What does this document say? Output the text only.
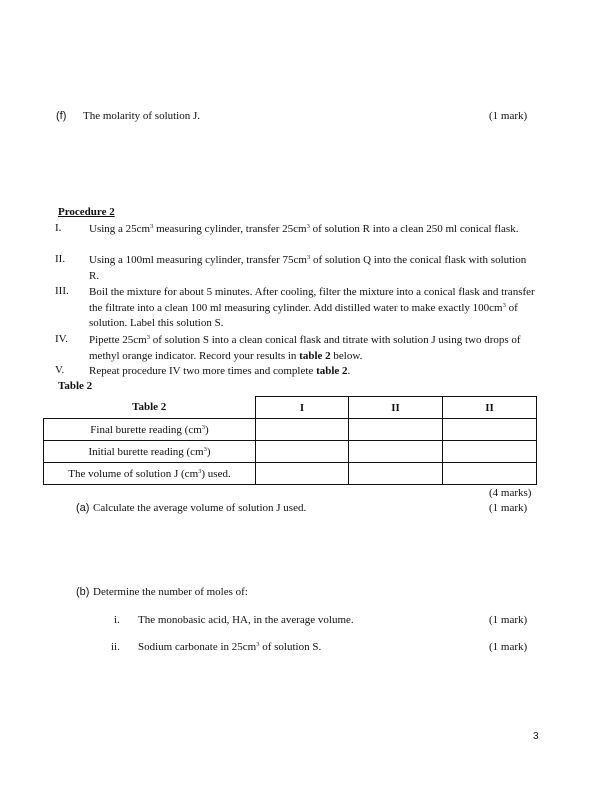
(f) The molarity of solution J.	(1 mark)
Procedure 2
I.	Using a $25cm^3$ measuring cylinder, transfer $25cm^3$ of solution R into a clean 250 ml conical flask.
II. Using a 100ml measuring cylinder, transfer $75cm^3$ of solution Q into the conical flask with solution R.
III. Boil the mixture for about 5 minutes. After cooling, filter the mixture into a conical flask and transfer the filtrate into a clean 100 ml measuring cylinder. Add distilled water to make exactly $100cm^3$ of solution. Label this solution S.
IV. Pipette $25cm^3$ of solution S into a clean conical flask and titrate with solution J using two drops of methyl orange indicator. Record your results in table 2 below.
V. Repeat procedure IV two more times and complete table 2.
Table 2
Table 2	I	II	II
Final burette reading $(cm^3)$			
Initial burette reading $(cm^3)$			
The volume of solution J $(cm^3)$ used.			
(4 marks)
(a) Calculate the average volume of solution J used.	(1 mark)
(b) Determine the number of moles of:
i. The monobasic acid, HA, in the average volume.	(1 mark)
ii. Sodium carbonate in $25cm^3$ of solution S.	(1 mark)
3
